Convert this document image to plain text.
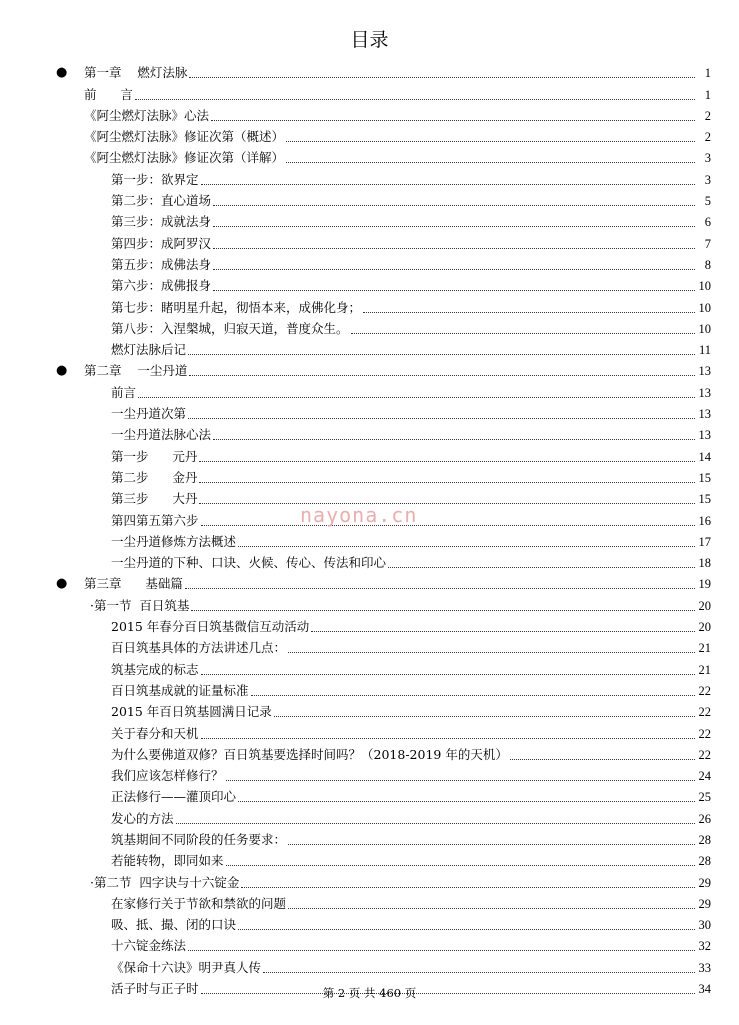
目录
● 第一章    燃灯法脉	1
前      言	1
《阿尘燃灯法脉》心法	2
《阿尘燃灯法脉》修证次第（概述）	2
《阿尘燃灯法脉》修证次第（详解）	3
第一步：欲界定	3
第二步：直心道场	5
第三步：成就法身	6
第四步：成阿罗汉	7
第五步：成佛法身	8
第六步：成佛报身	10
第七步：睹明星升起，彻悟本来，成佛化身；	10
第八步：入涅槃城，归寂天道，普度众生。	10
燃灯法脉后记	11
● 第二章    一尘丹道	13
前言	13
一尘丹道次第	13
一尘丹道法脉心法	13
第一步      元丹	14
第二步      金丹	15
第三步      大丹	15
第四第五第六步	16
一尘丹道修炼方法概述	17
一尘丹道的下种、口诀、火候、传心、传法和印心	18
● 第三章      基础篇	19
·第一节  百日筑基	20
2015 年春分百日筑基微信互动活动	20
百日筑基具体的方法讲述几点：	21
筑基完成的标志	21
百日筑基成就的证量标准	22
2015 年百日筑基圆满日记录	22
关于春分和天机	22
为什么要佛道双修？百日筑基要选择时间吗？（2018-2019 年的天机）	22
我们应该怎样修行？	24
正法修行——灌顶印心	25
发心的方法	26
筑基期间不同阶段的任务要求：	28
若能转物，即同如来	28
·第二节  四字诀与十六锭金	29
在家修行关于节欲和禁欲的问题	29
吸、抵、撮、闭的口诀	30
十六锭金练法	32
《保命十六诀》明尹真人传	33
活子时与正子时	34
nayona.cn
第 2 页 共 460 页
